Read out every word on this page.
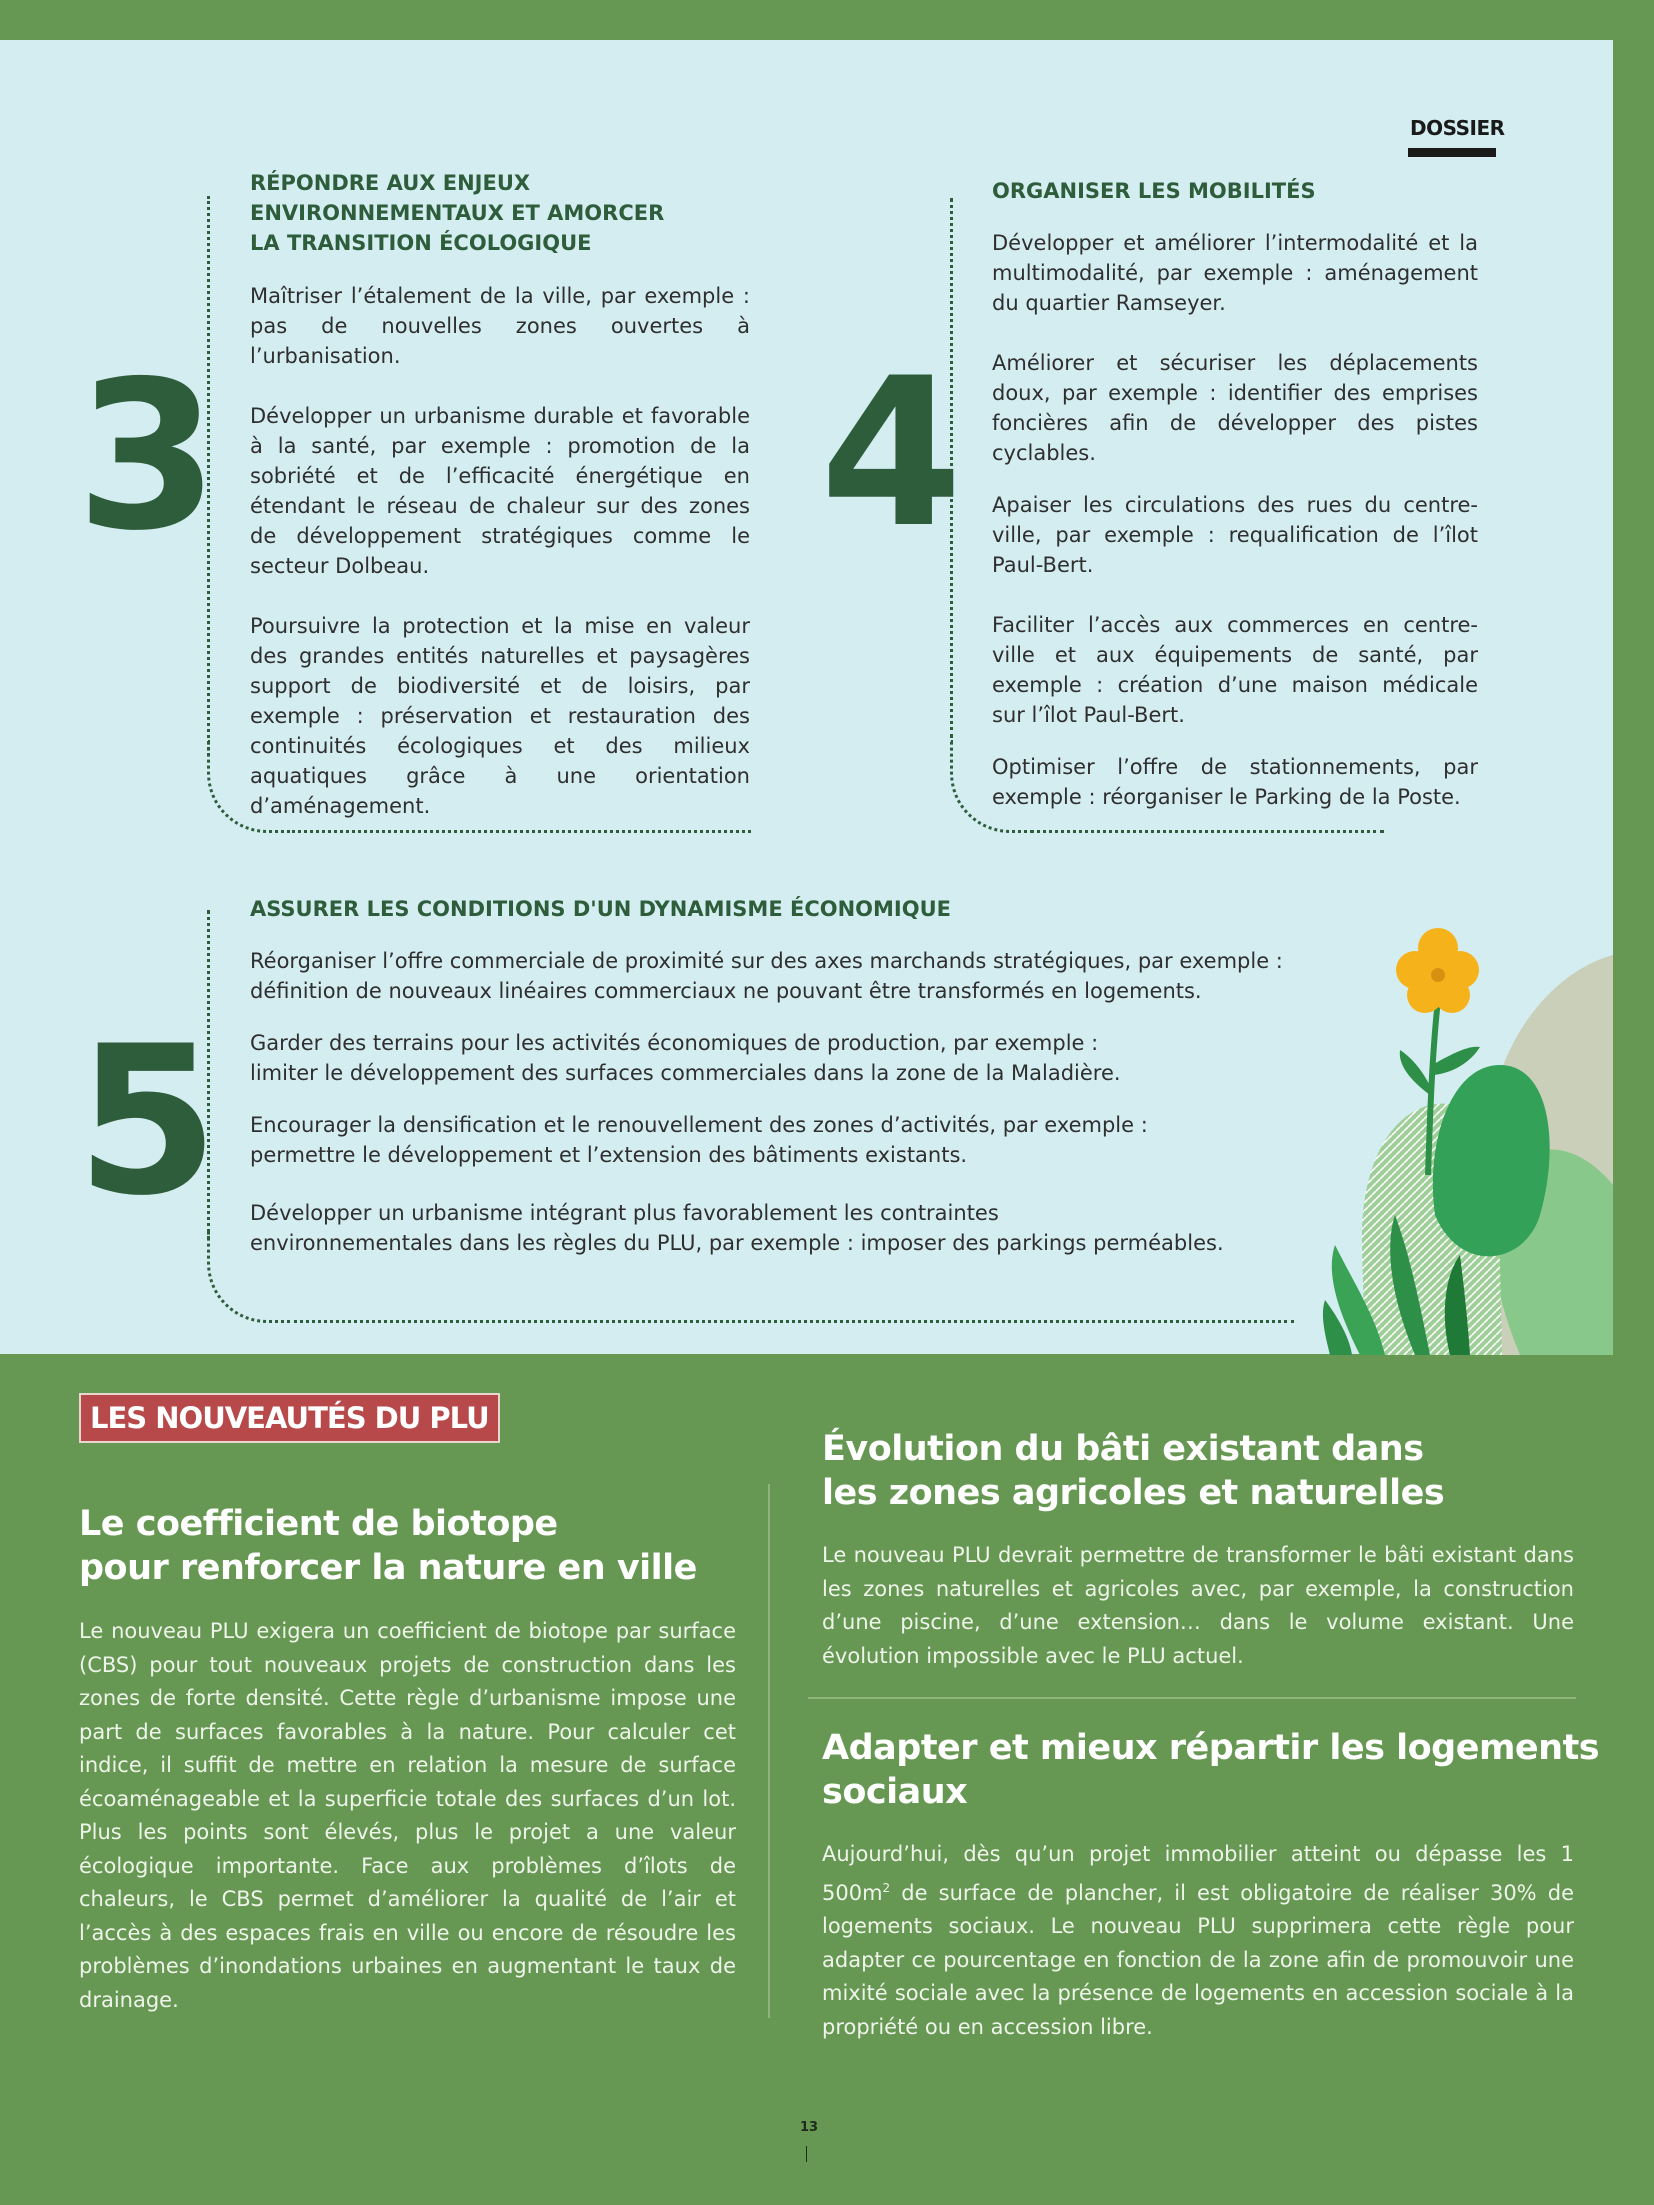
DOSSIER
3

RÉPONDRE AUX ENJEUX
ENVIRONNEMENTAUX ET AMORCER
LA TRANSITION ÉCOLOGIQUE

Maîtriser l’étalement de la ville, par exemple : pas de nouvelles zones ouvertes à l’urbanisation.

Développer un urbanisme durable et favorable à la santé, par exemple : promotion de la sobriété et de l’efficacité énergétique en étendant le réseau de chaleur sur des zones de développement stratégiques comme le secteur Dolbeau.

Poursuivre la protection et la mise en valeur des grandes entités naturelles et paysagères support de biodiversité et de loisirs, par exemple : préservation et restauration des continuités écologiques et des milieux aquatiques grâce à une orientation d’aménagement.

4

ORGANISER LES MOBILITÉS

Développer et améliorer l’intermodalité et la multimodalité, par exemple : aménagement du quartier Ramseyer.

Améliorer et sécuriser les déplacements doux, par exemple : identifier des emprises foncières afin de développer des pistes cyclables.

Apaiser les circulations des rues du centre-ville, par exemple : requalification de l’îlot Paul-Bert.

Faciliter l’accès aux commerces en centre-ville et aux équipements de santé, par exemple : création d’une maison médicale sur l’îlot Paul-Bert.

Optimiser l’offre de stationnements, par exemple : réorganiser le Parking de la Poste.

5

ASSURER LES CONDITIONS D'UN DYNAMISME ÉCONOMIQUE

Réorganiser l’offre commerciale de proximité sur des axes marchands stratégiques, par exemple :
définition de nouveaux linéaires commerciaux ne pouvant être transformés en logements.

Garder des terrains pour les activités économiques de production, par exemple :
limiter le développement des surfaces commerciales dans la zone de la Maladière.

Encourager la densification et le renouvellement des zones d’activités, par exemple :
permettre le développement et l’extension des bâtiments existants.

Développer un urbanisme intégrant plus favorablement les contraintes
environnementales dans les règles du PLU, par exemple : imposer des parkings perméables.

LES NOUVEAUTÉS DU PLU
Le coefficient de biotope
pour renforcer la nature en ville

Le nouveau PLU exigera un coefficient de biotope par surface (CBS) pour tout nouveaux projets de construction dans les zones de forte densité. Cette règle d’urbanisme impose une part de surfaces favorables à la nature. Pour calculer cet indice, il suffit de mettre en relation la mesure de surface écoaménageable et la superficie totale des surfaces d’un lot. Plus les points sont élevés, plus le projet a une valeur écologique importante. Face aux problèmes d’îlots de chaleurs, le CBS permet d’améliorer la qualité de l’air et l’accès à des espaces frais en ville ou encore de résoudre les problèmes d’inondations urbaines en augmentant le taux de drainage.

Évolution du bâti existant dans
les zones agricoles et naturelles

Le nouveau PLU devrait permettre de transformer le bâti existant dans les zones naturelles et agricoles avec, par exemple, la construction d’une piscine, d’une extension… dans le volume existant. Une évolution impossible avec le PLU actuel.

Adapter et mieux répartir les logements
sociaux

Aujourd’hui, dès qu’un projet immobilier atteint ou dépasse les 1 $500m^2$ de surface de plancher, il est obligatoire de réaliser 30% de logements sociaux. Le nouveau PLU supprimera cette règle pour adapter ce pourcentage en fonction de la zone afin de promouvoir une mixité sociale avec la présence de logements en accession sociale à la propriété ou en accession libre.

13
